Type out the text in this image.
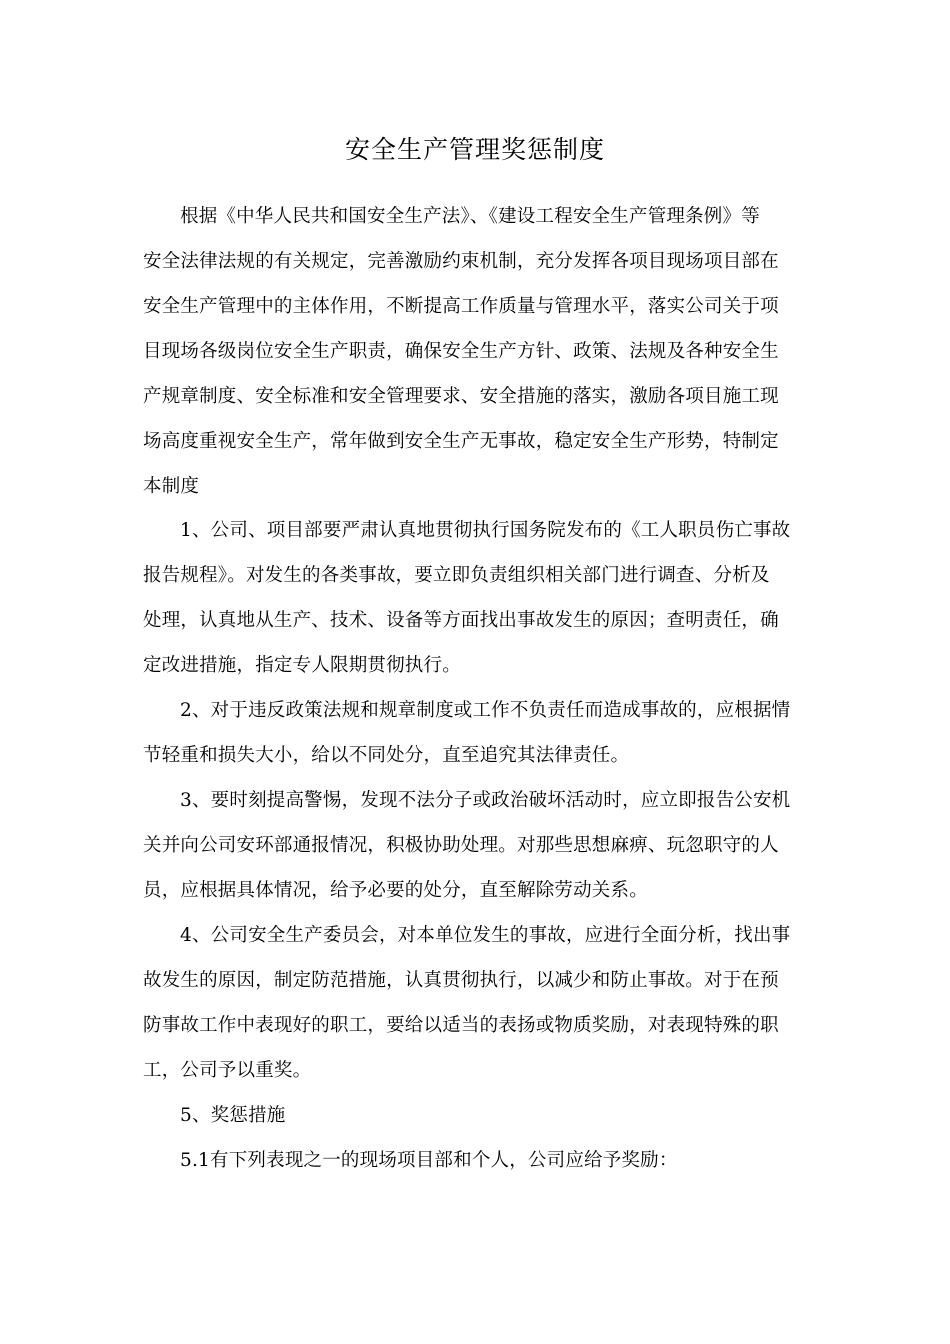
安全生产管理奖惩制度
根据《中华人民共和国安全生产法》、《建设工程安全生产管理条例》等
安全法律法规的有关规定，完善激励约束机制，充分发挥各项目现场项目部在
安全生产管理中的主体作用，不断提高工作质量与管理水平，落实公司关于项
目现场各级岗位安全生产职责，确保安全生产方针、政策、法规及各种安全生
产规章制度、安全标准和安全管理要求、安全措施的落实，激励各项目施工现
场高度重视安全生产，常年做到安全生产无事故，稳定安全生产形势，特制定
本制度
1、公司、项目部要严肃认真地贯彻执行国务院发布的《工人职员伤亡事故
报告规程》。对发生的各类事故，要立即负责组织相关部门进行调查、分析及
处理，认真地从生产、技术、设备等方面找出事故发生的原因；查明责任，确
定改进措施，指定专人限期贯彻执行。
2、对于违反政策法规和规章制度或工作不负责任而造成事故的，应根据情
节轻重和损失大小，给以不同处分，直至追究其法律责任。
3、要时刻提高警惕，发现不法分子或政治破坏活动时，应立即报告公安机
关并向公司安环部通报情况，积极协助处理。对那些思想麻痹、玩忽职守的人
员，应根据具体情况，给予必要的处分，直至解除劳动关系。
4、公司安全生产委员会，对本单位发生的事故，应进行全面分析，找出事
故发生的原因，制定防范措施，认真贯彻执行，以减少和防止事故。对于在预
防事故工作中表现好的职工，要给以适当的表扬或物质奖励，对表现特殊的职
工，公司予以重奖。
5、奖惩措施
5.1有下列表现之一的现场项目部和个人，公司应给予奖励：
